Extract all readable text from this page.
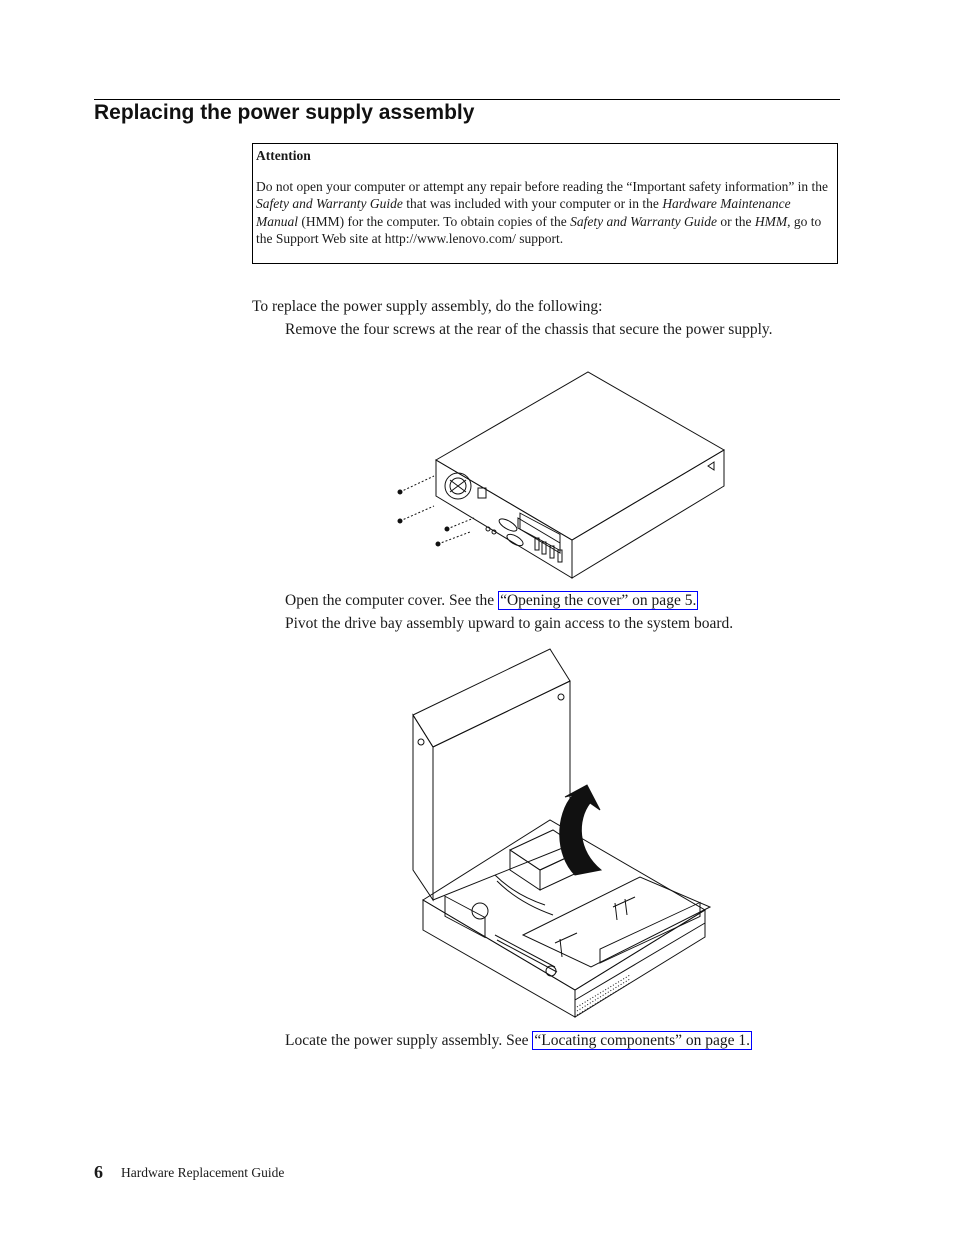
Replacing the power supply assembly
Attention

Do not open your computer or attempt any repair before reading the “Important safety information” in the Safety and Warranty Guide that was included with your computer or in the Hardware Maintenance Manual (HMM) for the computer. To obtain copies of the Safety and Warranty Guide or the HMM, go to the Support Web site at http://www.lenovo.com/ support.

To replace the power supply assembly, do the following:

Remove the four screws at the rear of the chassis that secure the power supply.

Open the computer cover. See the “Opening the cover” on page 5.

Pivot the drive bay assembly upward to gain access to the system board.

Locate the power supply assembly. See “Locating components” on page 1.

6 Hardware Replacement Guide
